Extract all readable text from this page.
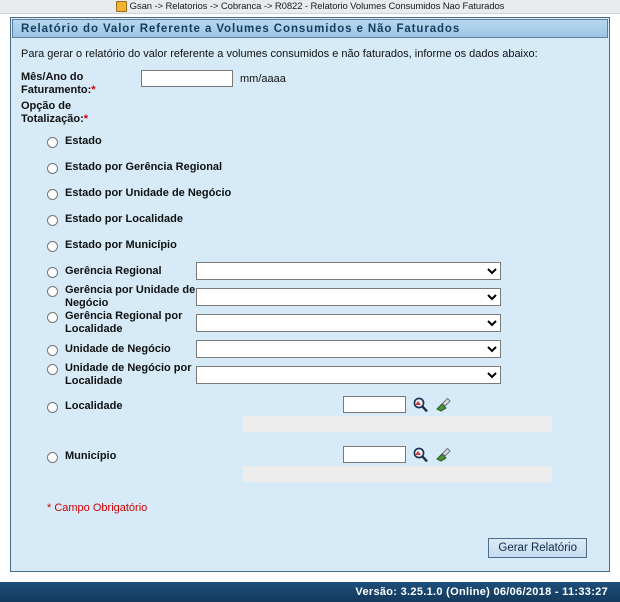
Gsan -> Relatorios -> Cobranca -> R0822 - Relatorio Volumes Consumidos Nao Faturados
Relatório do Valor Referente a Volumes Consumidos e Não Faturados
Para gerar o relatório do valor referente a volumes consumidos e não faturados, informe os dados abaixo:
Mês/Ano do Faturamento:*
mm/aaaa
Opção de Totalização:*
Estado
Estado por Gerência Regional
Estado por Unidade de Negócio
Estado por Localidade
Estado por Município
Gerência Regional
Gerência por Unidade de Negócio
Gerência Regional por Localidade
Unidade de Negócio
Unidade de Negócio por Localidade
Localidade
Município
* Campo Obrigatório
Gerar Relatório
Versão: 3.25.1.0 (Online) 06/06/2018 - 11:33:27
